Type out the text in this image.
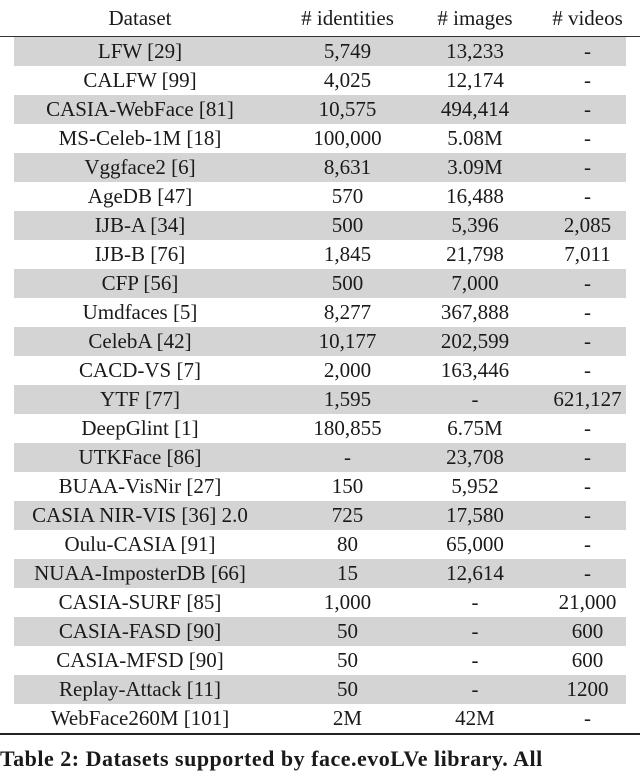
Dataset	# identities	# images	# videos
LFW [29]	5,749	13,233	-
CALFW [99]	4,025	12,174	-
CASIA-WebFace [81]	10,575	494,414	-
MS-Celeb-1M [18]	100,000	5.08M	-
Vggface2 [6]	8,631	3.09M	-
AgeDB [47]	570	16,488	-
IJB-A [34]	500	5,396	2,085
IJB-B [76]	1,845	21,798	7,011
CFP [56]	500	7,000	-
Umdfaces [5]	8,277	367,888	-
CelebA [42]	10,177	202,599	-
CACD-VS [7]	2,000	163,446	-
YTF [77]	1,595	-	621,127
DeepGlint [1]	180,855	6.75M	-
UTKFace [86]	-	23,708	-
BUAA-VisNir [27]	150	5,952	-
CASIA NIR-VIS [36] 2.0	725	17,580	-
Oulu-CASIA [91]	80	65,000	-
NUAA-ImposterDB [66]	15	12,614	-
CASIA-SURF [85]	1,000	-	21,000
CASIA-FASD [90]	50	-	600
CASIA-MFSD [90]	50	-	600
Replay-Attack [11]	50	-	1200
WebFace260M [101]	2M	42M	-
Table 2: Datasets supported by face.evoLVe library. All
